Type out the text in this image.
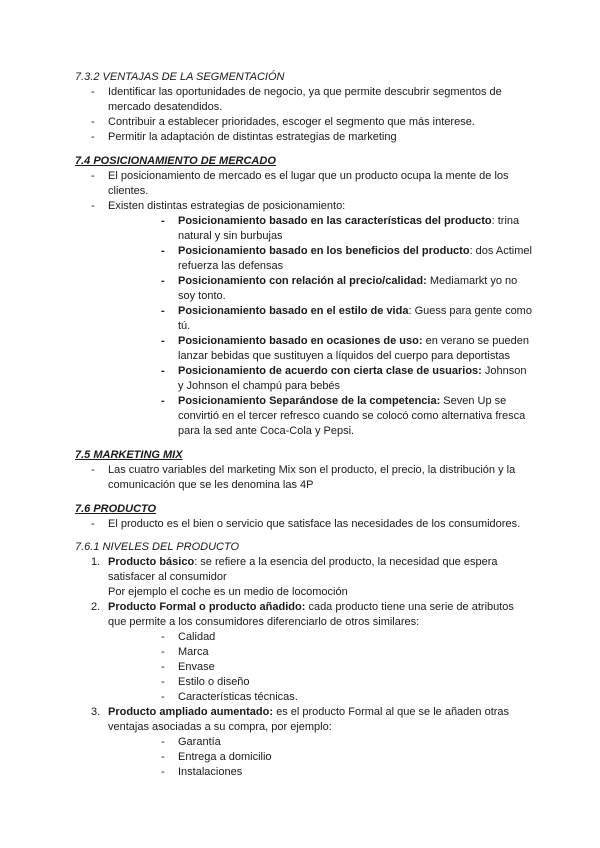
7.3.2 VENTAJAS DE LA SEGMENTACIÓN

- Identificar las oportunidades de negocio, ya que permite descubrir segmentos de mercado desatendidos.
- Contribuir a establecer prioridades, escoger el segmento que más interese.
- Permitir la adaptación de distintas estrategias de marketing

7.4 POSICIONAMIENTO DE MERCADO

- El posicionamiento de mercado es el lugar que un producto ocupa la mente de los clientes.
- Existen distintas estrategias de posicionamiento:
- Posicionamiento basado en las características del producto: trina natural y sin burbujas
- Posicionamiento basado en los beneficios del producto: dos Actimel refuerza las defensas
- Posicionamiento con relación al precio/calidad: Mediamarkt yo no soy tonto.
- Posicionamiento basado en el estilo de vida: Guess para gente como tú.
- Posicionamiento basado en ocasiones de uso: en verano se pueden lanzar bebidas que sustituyen a líquidos del cuerpo para deportistas
- Posicionamiento de acuerdo con cierta clase de usuarios: Johnson y Johnson el champú para bebés
- Posicionamiento Separándose de la competencia: Seven Up se convirtió en el tercer refresco cuando se colocó como alternativa fresca para la sed ante Coca-Cola y Pepsi.

7.5 MARKETING MIX

- Las cuatro variables del marketing Mix son el producto, el precio, la distribución y la comunicación que se les denomina las 4P

7.6 PRODUCTO

- El producto es el bien o servicio que satisface las necesidades de los consumidores.

7.6.1 NIVELES DEL PRODUCTO

1. Producto básico: se refiere a la esencia del producto, la necesidad que espera satisfacer al consumidor
Por ejemplo el coche es un medio de locomoción
2. Producto Formal o producto añadido: cada producto tiene una serie de atributos que permite a los consumidores diferenciarlo de otros similares:
- Calidad
- Marca
- Envase
- Estilo o diseño
- Características técnicas.
3. Producto ampliado aumentado: es el producto Formal al que se le añaden otras ventajas asociadas a su compra, por ejemplo:
- Garantía
- Entrega a domicilio
- Instalaciones
